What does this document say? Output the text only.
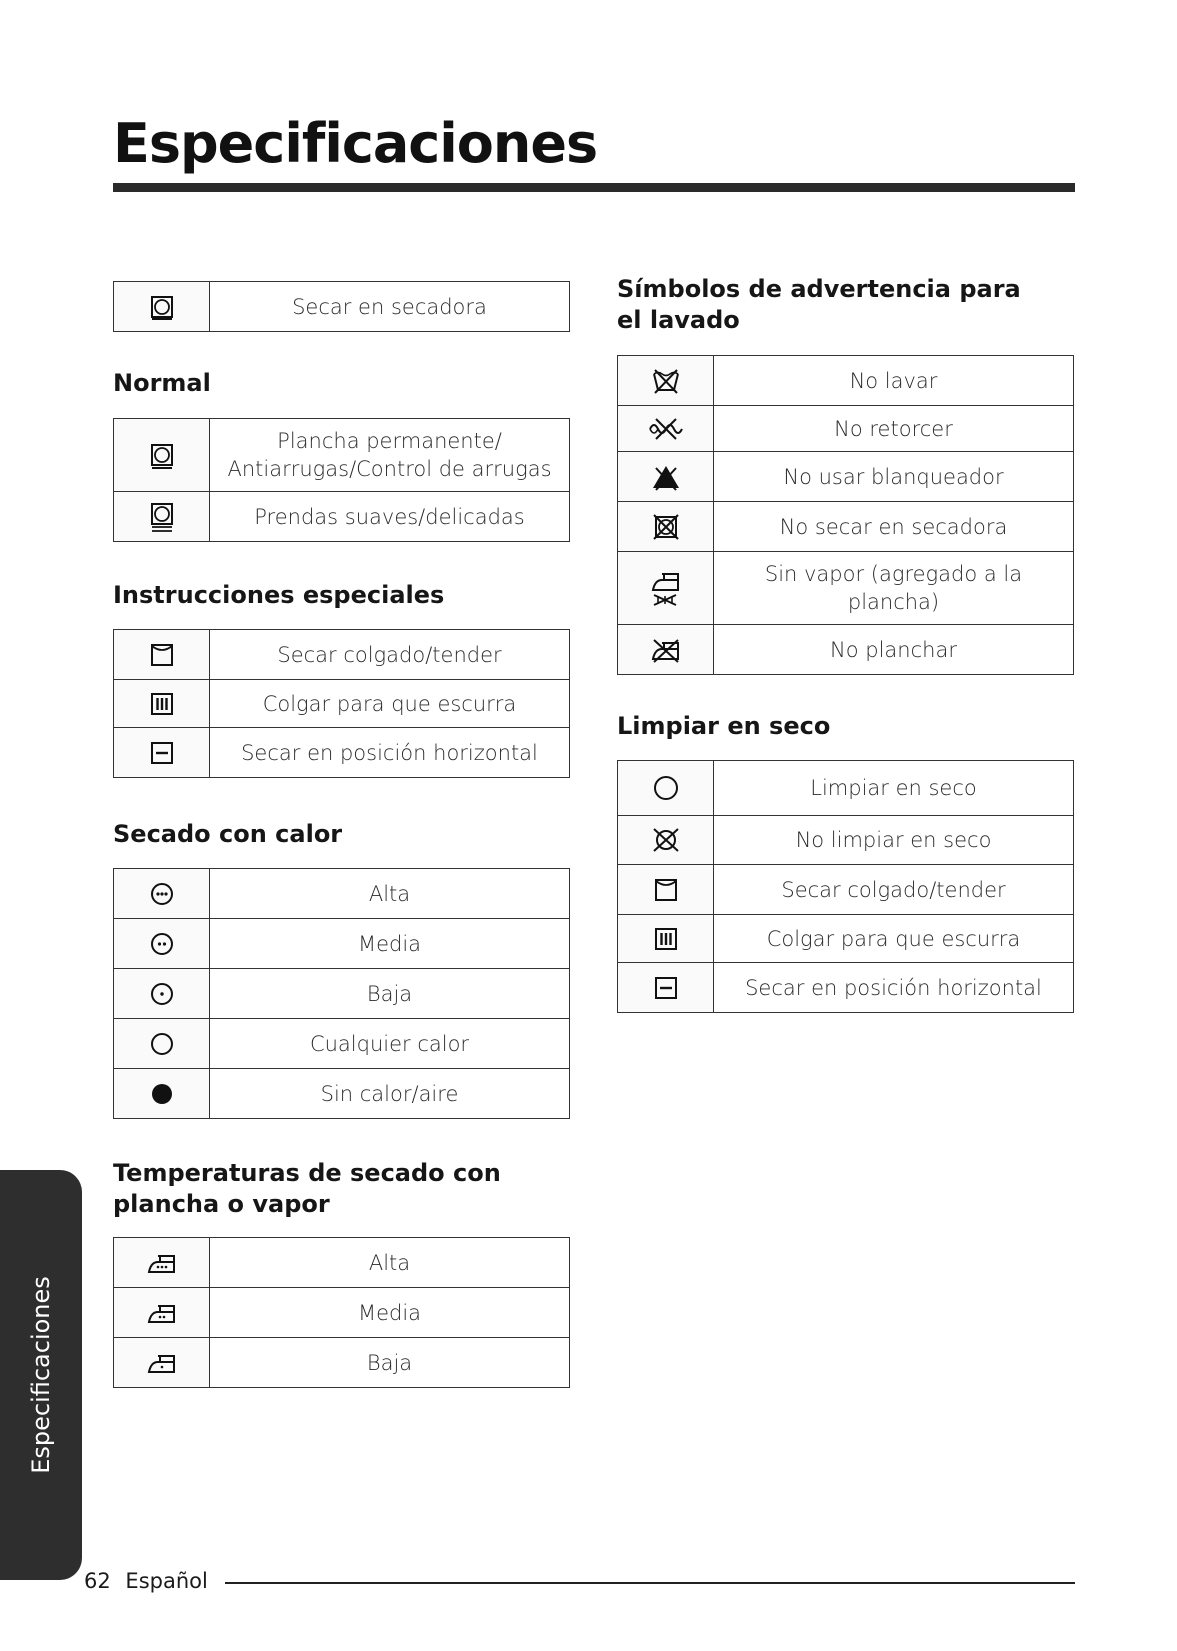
Especificaciones
	Secar en secadora
Normal
	Plancha permanente/
Antiarrugas/Control de arrugas
	Prendas suaves/delicadas
Instrucciones especiales
	Secar colgado/tender
	Colgar para que escurra
	Secar en posición horizontal
Secado con calor
	Alta
	Media
	Baja
	Cualquier calor
	Sin calor/aire
Temperaturas de secado con plancha o vapor
	Alta
	Media
	Baja
Símbolos de advertencia para el lavado
	No lavar
	No retorcer
	No usar blanqueador
	No secar en secadora
	Sin vapor (agregado a la
plancha)
	No planchar
Limpiar en seco
	Limpiar en seco
	No limpiar en seco
	Secar colgado/tender
	Colgar para que escurra
	Secar en posición horizontal
Especificaciones
62 Español
